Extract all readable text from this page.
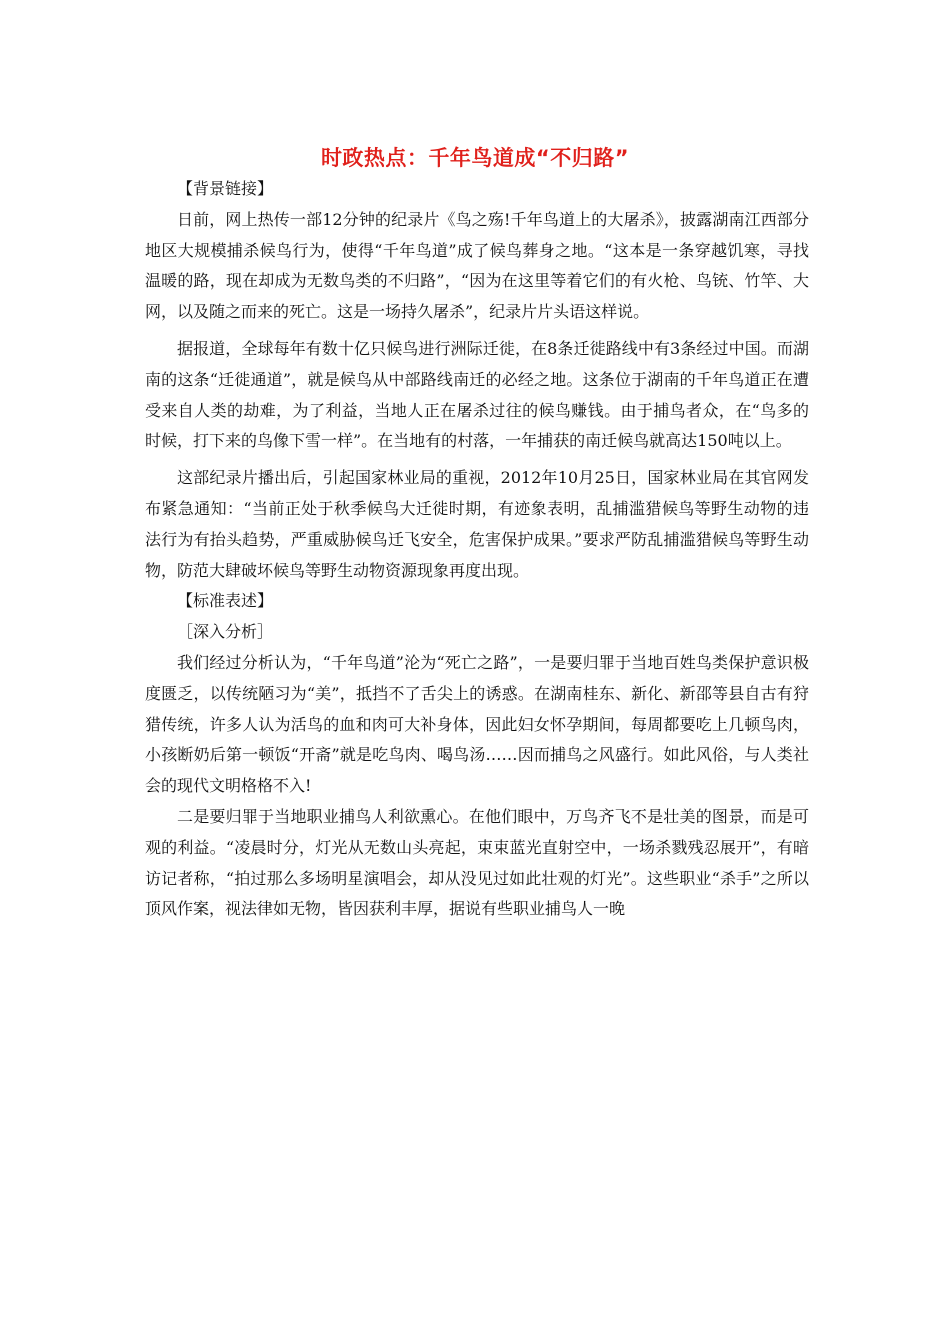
时政热点：千年鸟道成“不归路”

【背景链接】

日前，网上热传一部12分钟的纪录片《鸟之殇!千年鸟道上的大屠杀》，披露湖南江西部分地区大规模捕杀候鸟行为，使得“千年鸟道”成了候鸟葬身之地。“这本是一条穿越饥寒，寻找温暖的路，现在却成为无数鸟类的不归路”，“因为在这里等着它们的有火枪、鸟铳、竹竿、大网，以及随之而来的死亡。这是一场持久屠杀”，纪录片片头语这样说。

据报道，全球每年有数十亿只候鸟进行洲际迁徙，在8条迁徙路线中有3条经过中国。而湖南的这条“迁徙通道”，就是候鸟从中部路线南迁的必经之地。这条位于湖南的千年鸟道正在遭受来自人类的劫难，为了利益，当地人正在屠杀过往的候鸟赚钱。由于捕鸟者众，在“鸟多的时候，打下来的鸟像下雪一样”。在当地有的村落，一年捕获的南迁候鸟就高达150吨以上。

这部纪录片播出后，引起国家林业局的重视，2012年10月25日，国家林业局在其官网发布紧急通知：“当前正处于秋季候鸟大迁徙时期，有迹象表明，乱捕滥猎候鸟等野生动物的违法行为有抬头趋势，严重威胁候鸟迁飞安全，危害保护成果。”要求严防乱捕滥猎候鸟等野生动物，防范大肆破坏候鸟等野生动物资源现象再度出现。

【标准表述】

［深入分析］

我们经过分析认为，“千年鸟道”沦为“死亡之路”，一是要归罪于当地百姓鸟类保护意识极度匮乏，以传统陋习为“美”，抵挡不了舌尖上的诱惑。在湖南桂东、新化、新邵等县自古有狩猎传统，许多人认为活鸟的血和肉可大补身体，因此妇女怀孕期间，每周都要吃上几顿鸟肉，小孩断奶后第一顿饭“开斋”就是吃鸟肉、喝鸟汤……因而捕鸟之风盛行。如此风俗，与人类社会的现代文明格格不入!

二是要归罪于当地职业捕鸟人利欲熏心。在他们眼中，万鸟齐飞不是壮美的图景，而是可观的利益。“凌晨时分，灯光从无数山头亮起，束束蓝光直射空中，一场杀戮残忍展开”，有暗访记者称，“拍过那么多场明星演唱会，却从没见过如此壮观的灯光”。这些职业“杀手”之所以顶风作案，视法律如无物，皆因获利丰厚，据说有些职业捕鸟人一晚
